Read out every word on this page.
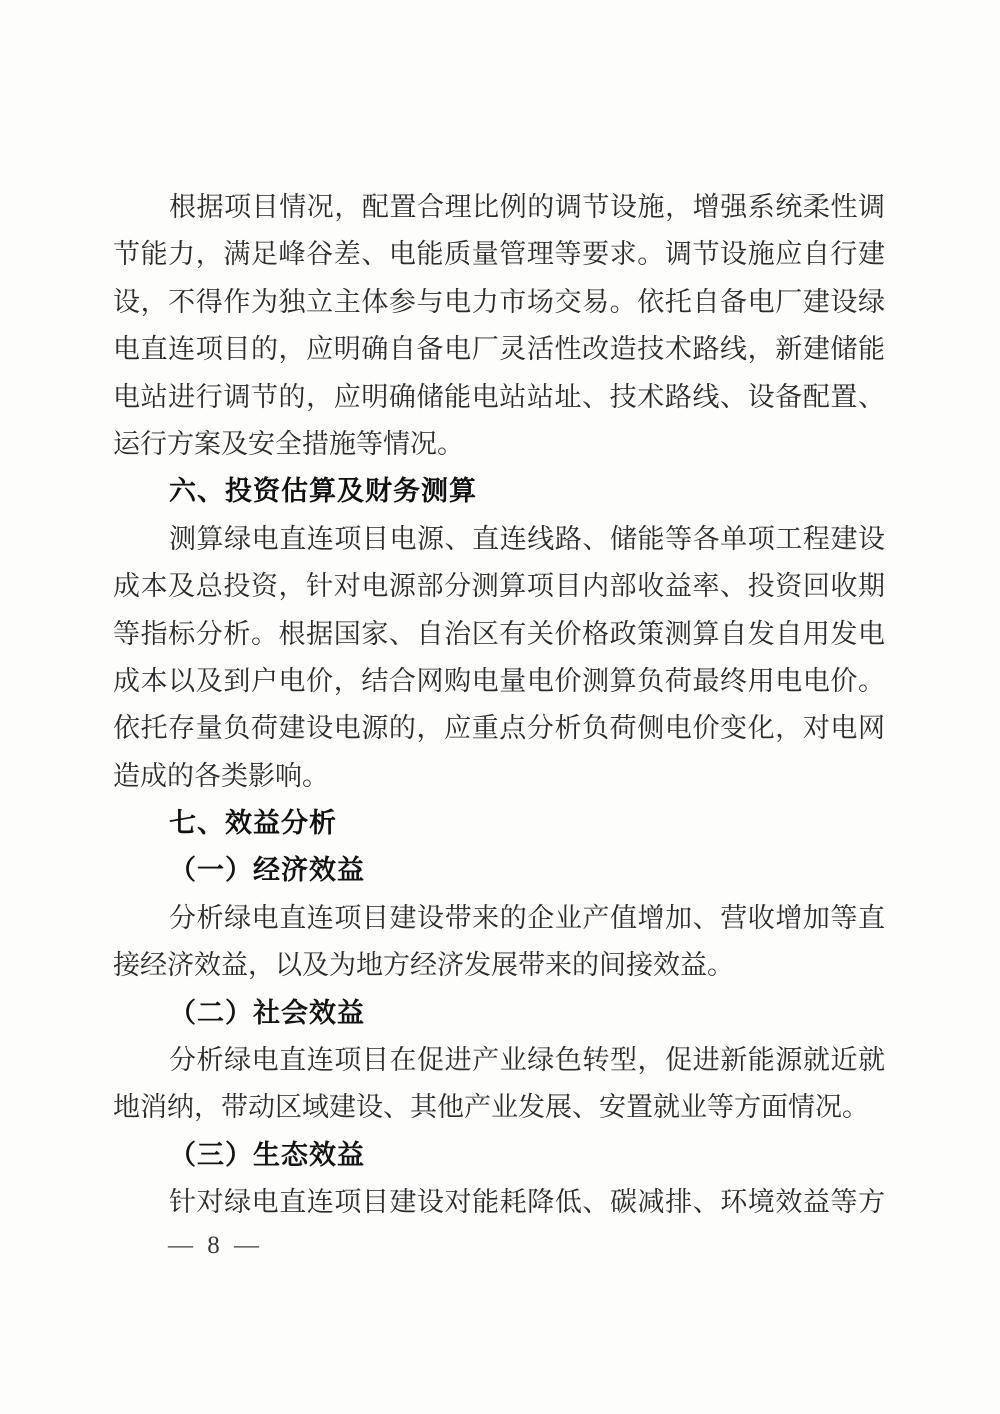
根据项目情况，配置合理比例的调节设施，增强系统柔性调
节能力，满足峰谷差、电能质量管理等要求。调节设施应自行建
设，不得作为独立主体参与电力市场交易。依托自备电厂建设绿
电直连项目的，应明确自备电厂灵活性改造技术路线，新建储能
电站进行调节的，应明确储能电站站址、技术路线、设备配置、
运行方案及安全措施等情况。
六、投资估算及财务测算
测算绿电直连项目电源、直连线路、储能等各单项工程建设
成本及总投资，针对电源部分测算项目内部收益率、投资回收期
等指标分析。根据国家、自治区有关价格政策测算自发自用发电
成本以及到户电价，结合网购电量电价测算负荷最终用电电价。
依托存量负荷建设电源的，应重点分析负荷侧电价变化，对电网
造成的各类影响。
七、效益分析
（一）经济效益
分析绿电直连项目建设带来的企业产值增加、营收增加等直
接经济效益，以及为地方经济发展带来的间接效益。
（二）社会效益
分析绿电直连项目在促进产业绿色转型，促进新能源就近就
地消纳，带动区域建设、其他产业发展、安置就业等方面情况。
（三）生态效益
针对绿电直连项目建设对能耗降低、碳减排、环境效益等方
— 8 —
